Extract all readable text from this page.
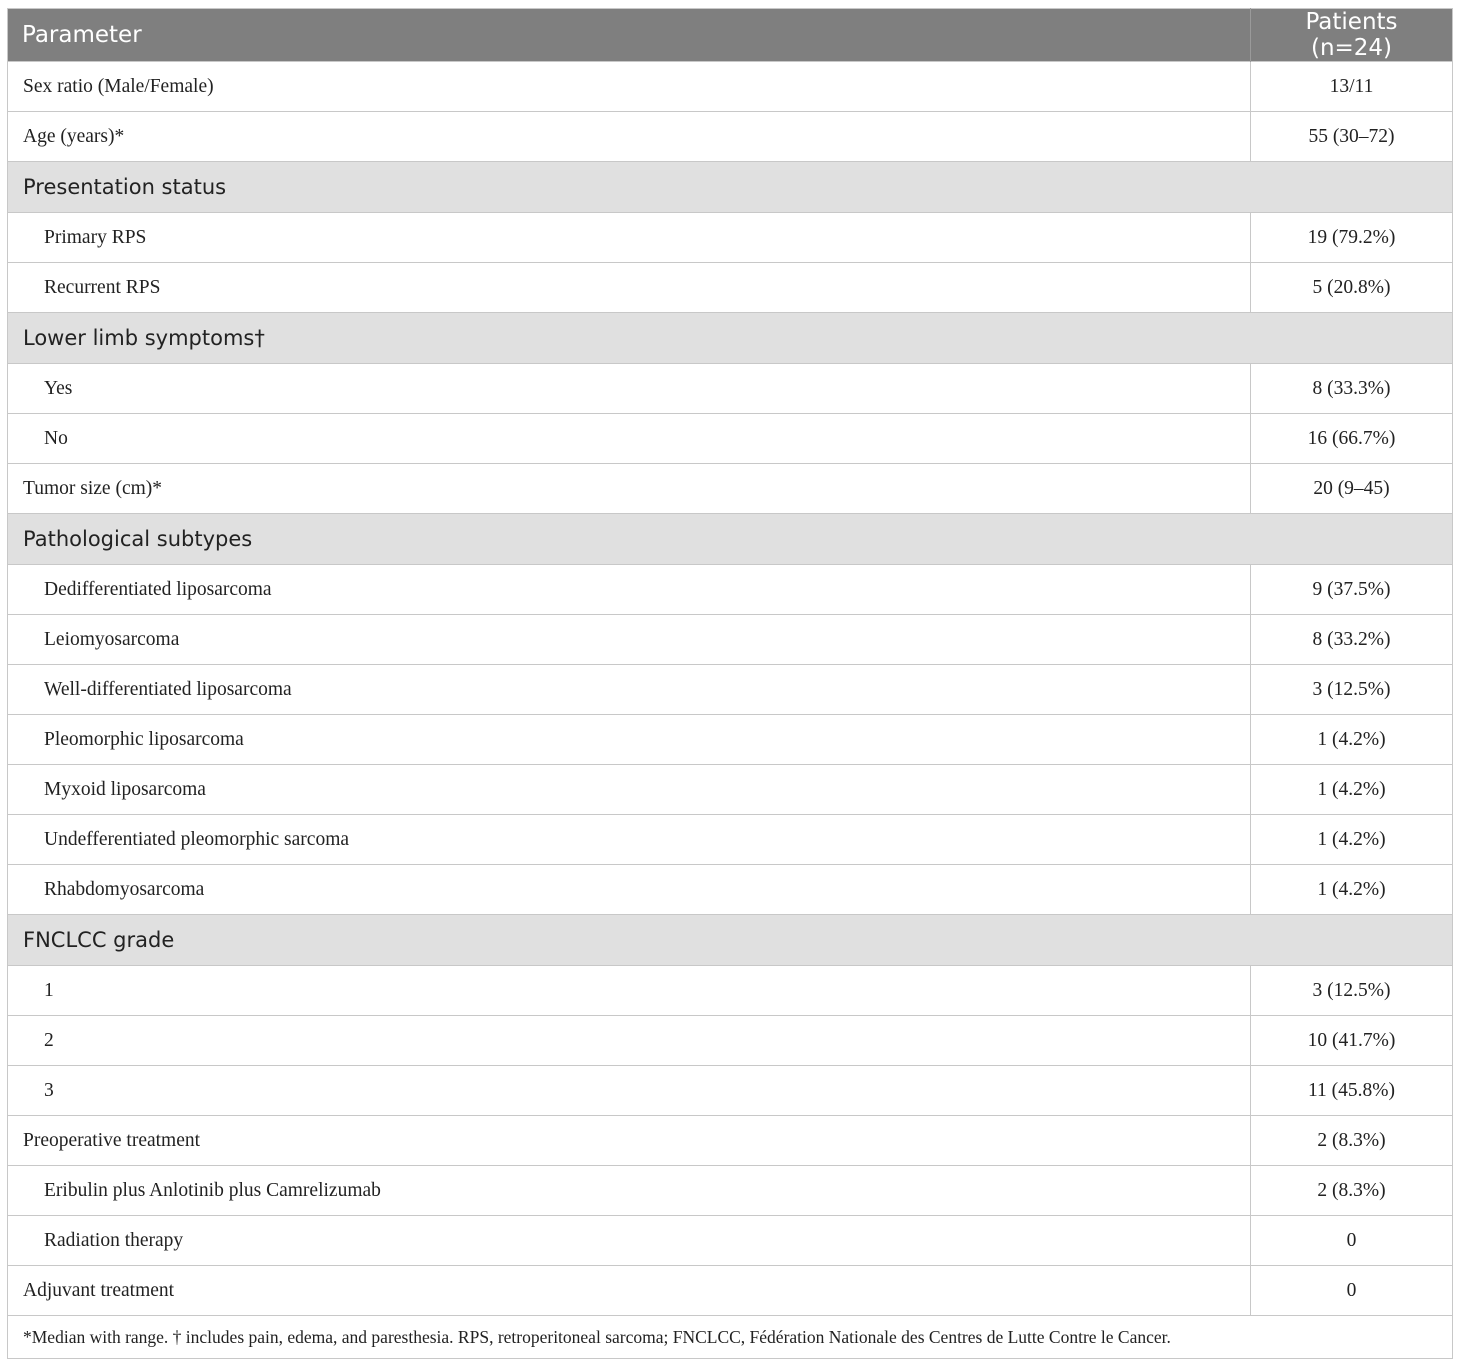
Parameter	Patients (n=24)
Sex ratio (Male/Female)	13/11
Age (years)*	55 (30–72)
Presentation status	
Primary RPS	19 (79.2%)
Recurrent RPS	5 (20.8%)
Lower limb symptoms†	
Yes	8 (33.3%)
No	16 (66.7%)
Tumor size (cm)*	20 (9–45)
Pathological subtypes	
Dedifferentiated liposarcoma	9 (37.5%)
Leiomyosarcoma	8 (33.2%)
Well-differentiated liposarcoma	3 (12.5%)
Pleomorphic liposarcoma	1 (4.2%)
Myxoid liposarcoma	1 (4.2%)
Undefferentiated pleomorphic sarcoma	1 (4.2%)
Rhabdomyosarcoma	1 (4.2%)
FNCLCC grade	
1	3 (12.5%)
2	10 (41.7%)
3	11 (45.8%)
Preoperative treatment	2 (8.3%)
Eribulin plus Anlotinib plus Camrelizumab	2 (8.3%)
Radiation therapy	0
Adjuvant treatment	0
*Median with range. † includes pain, edema, and paresthesia. RPS, retroperitoneal sarcoma; FNCLCC, Fédération Nationale des Centres de Lutte Contre le Cancer.	
